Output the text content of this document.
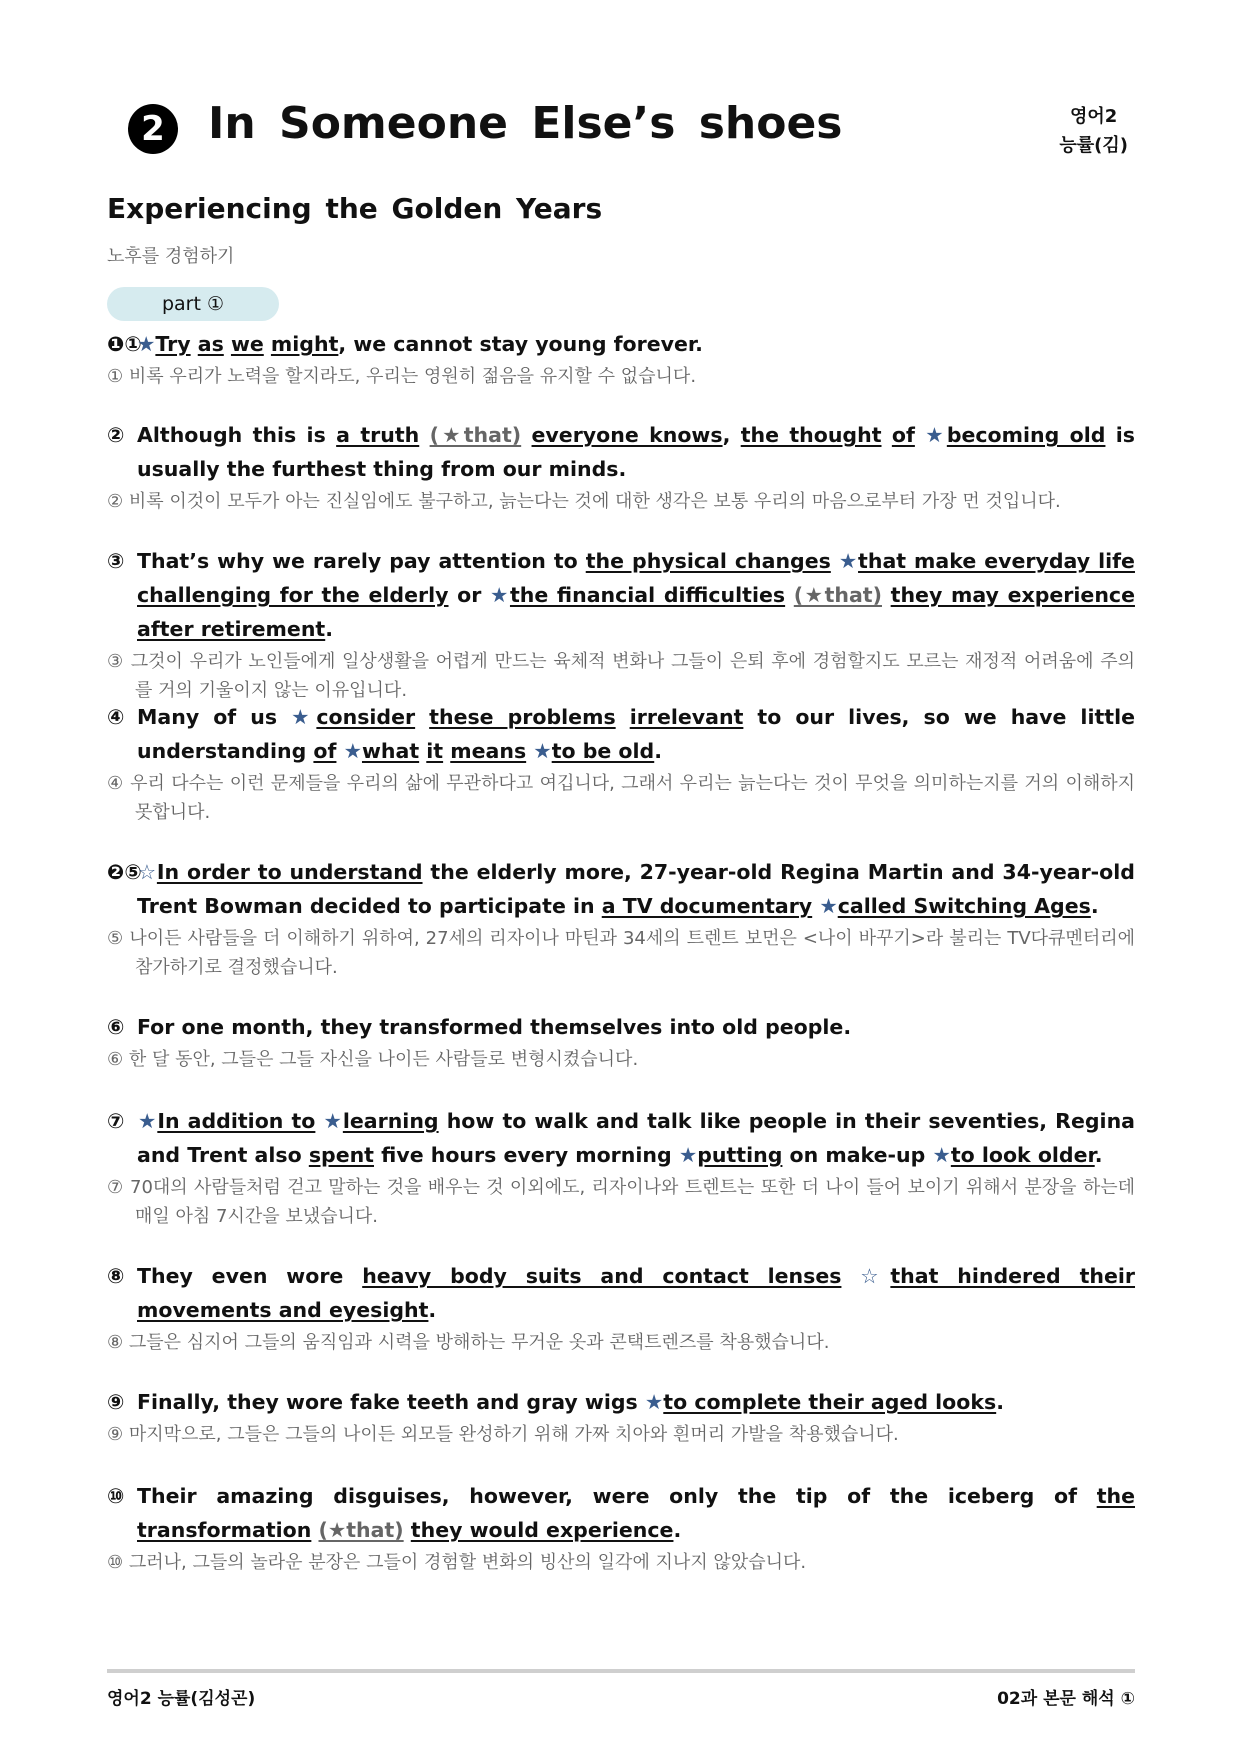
2 In Someone Else’s shoes	영어2
능률(김)
Experiencing the Golden Years
노후를 경험하기
part ①
❶①★Try as we might, we cannot stay young forever.
① 비록 우리가 노력을 할지라도, 우리는 영원히 젊음을 유지할 수 없습니다.
② Although this is a truth (★that) everyone knows, the thought of ★becoming old is usually the furthest thing from our minds.
② 비록 이것이 모두가 아는 진실임에도 불구하고, 늙는다는 것에 대한 생각은 보통 우리의 마음으로부터 가장 먼 것입니다.
③ That’s why we rarely pay attention to the physical changes ★that make everyday life challenging for the elderly or ★the financial difficulties (★that) they may experience after retirement.
③ 그것이 우리가 노인들에게 일상생활을 어렵게 만드는 육체적 변화나 그들이 은퇴 후에 경험할지도 모르는 재정적 어려움에 주의를 거의 기울이지 않는 이유입니다.
④ Many of us ★consider these problems irrelevant to our lives, so we have little understanding of ★what it means ★to be old.
④ 우리 다수는 이런 문제들을 우리의 삶에 무관하다고 여깁니다, 그래서 우리는 늙는다는 것이 무엇을 의미하는지를 거의 이해하지 못합니다.
❷⑤☆In order to understand the elderly more, 27-year-old Regina Martin and 34-year-old Trent Bowman decided to participate in a TV documentary ★called Switching Ages.
⑤ 나이든 사람들을 더 이해하기 위하여, 27세의 리자이나 마틴과 34세의 트렌트 보먼은 <나이 바꾸기>라 불리는 TV다큐멘터리에 참가하기로 결정했습니다.
⑥ For one month, they transformed themselves into old people.
⑥ 한 달 동안, 그들은 그들 자신을 나이든 사람들로 변형시켰습니다.
⑦ ★In addition to ★learning how to walk and talk like people in their seventies, Regina and Trent also spent five hours every morning ★putting on make-up ★to look older.
⑦ 70대의 사람들처럼 걷고 말하는 것을 배우는 것 이외에도, 리자이나와 트렌트는 또한 더 나이 들어 보이기 위해서 분장을 하는데 매일 아침 7시간을 보냈습니다.
⑧ They even wore heavy body suits and contact lenses ☆that hindered their movements and eyesight.
⑧ 그들은 심지어 그들의 움직임과 시력을 방해하는 무거운 옷과 콘택트렌즈를 착용했습니다.
⑨ Finally, they wore fake teeth and gray wigs ★to complete their aged looks.
⑨ 마지막으로, 그들은 그들의 나이든 외모들 완성하기 위해 가짜 치아와 흰머리 가발을 착용했습니다.
⑩ Their amazing disguises, however, were only the tip of the iceberg of the transformation (★that) they would experience.
⑩ 그러나, 그들의 놀라운 분장은 그들이 경험할 변화의 빙산의 일각에 지나지 않았습니다.
영어2 능률(김성곤)	02과 본문 해석 ①
